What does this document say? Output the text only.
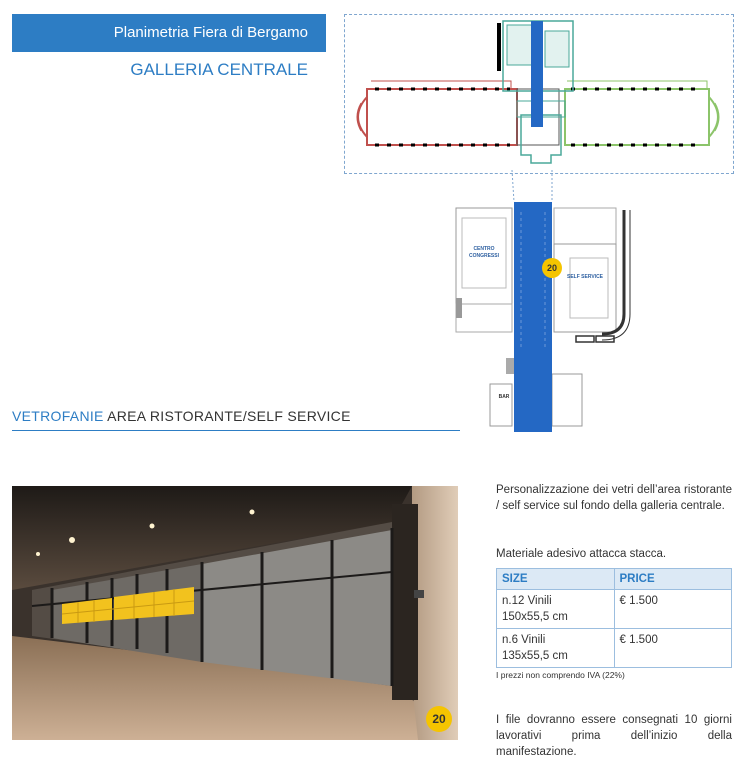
Planimetria Fiera di Bergamo
GALLERIA CENTRALE
CENTRO CONGRESSI
SELF SERVICE
BAR
20
VETROFANIE AREA RISTORANTE/SELF SERVICE
20
Personalizzazione dei vetri dell’area ristorante / self service sul fondo della galleria centrale.
Materiale adesivo attacca stacca.
SIZE	PRICE

n.12 Vinili
150x55,5 cm	€ 1.500

n.6 Vinili
135x55,5 cm	€ 1.500
I prezzi non comprendo IVA (22%)
I file dovranno essere consegnati 10 giorni lavorativi prima dell’inizio della manifestazione.
